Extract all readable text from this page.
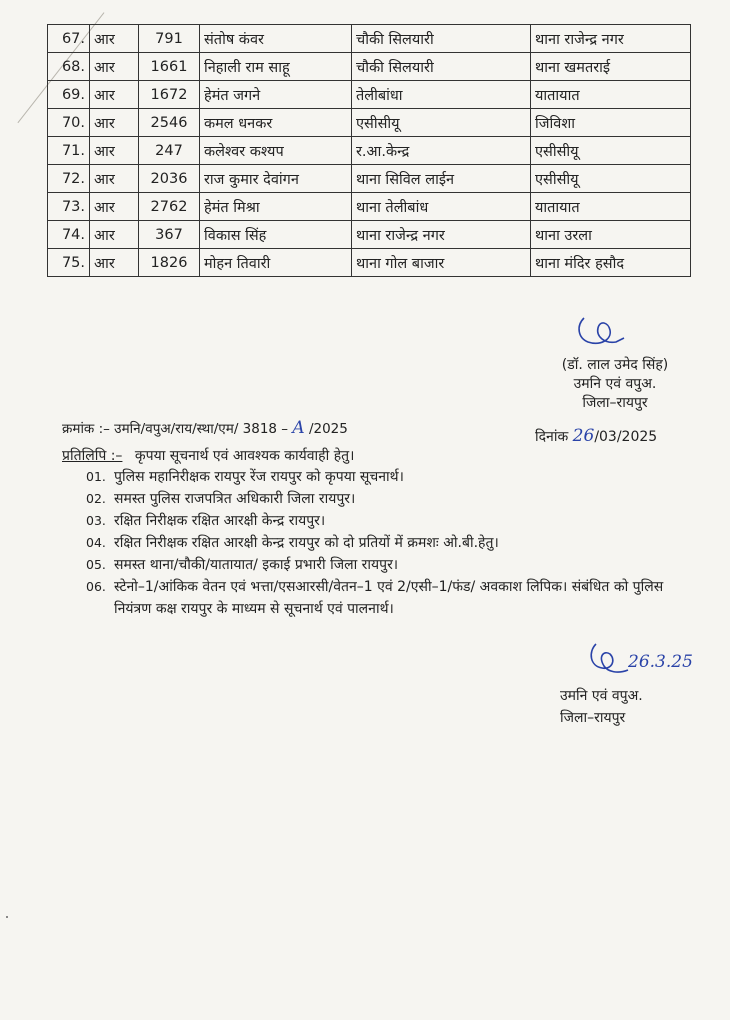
67.	आर	791	संतोष कंवर	चौकी सिलयारी	थाना राजेन्द्र नगर
68.	आर	1661	निहाली राम साहू	चौकी सिलयारी	थाना खमतराई
69.	आर	1672	हेमंत जगने	तेलीबांधा	यातायात
70.	आर	2546	कमल धनकर	एसीसीयू	जिविशा
71.	आर	247	कलेश्वर कश्यप	र.आ.केन्द्र	एसीसीयू
72.	आर	2036	राज कुमार देवांगन	थाना सिविल लाईन	एसीसीयू
73.	आर	2762	हेमंत मिश्रा	थाना तेलीबांध	यातायात
74.	आर	367	विकास सिंह	थाना राजेन्द्र नगर	थाना उरला
75.	आर	1826	मोहन तिवारी	थाना गोल बाजार	थाना मंदिर हसौद
(डॉ. लाल उमेद सिंह)
उमनि एवं वपुअ.
जिला–रायपुर
क्रमांक :– उमनि/वपुअ/राय/स्था/एम/ 3818 – A /2025	दिनांक 26/03/2025
प्रतिलिपि :– कृपया सूचनार्थ एवं आवश्यक कार्यवाही हेतु।
01. पुलिस महानिरीक्षक रायपुर रेंज रायपुर को कृपया सूचनार्थ।
02. समस्त पुलिस राजपत्रित अधिकारी जिला रायपुर।
03. रक्षित निरीक्षक रक्षित आरक्षी केन्द्र रायपुर।
04. रक्षित निरीक्षक रक्षित आरक्षी केन्द्र रायपुर को दो प्रतियों में क्रमशः ओ.बी.हेतु।
05. समस्त थाना/चौकी/यातायात/ इकाई प्रभारी जिला रायपुर।
06. स्टेनो–1/आंकिक वेतन एवं भत्ता/एसआरसी/वेतन–1 एवं 2/एसी–1/फंड/ अवकाश लिपिक। संबंधित को पुलिस नियंत्रण कक्ष रायपुर के माध्यम से सूचनार्थ एवं पालनार्थ।
26.3.25
उमनि एवं वपुअ.
जिला–रायपुर
